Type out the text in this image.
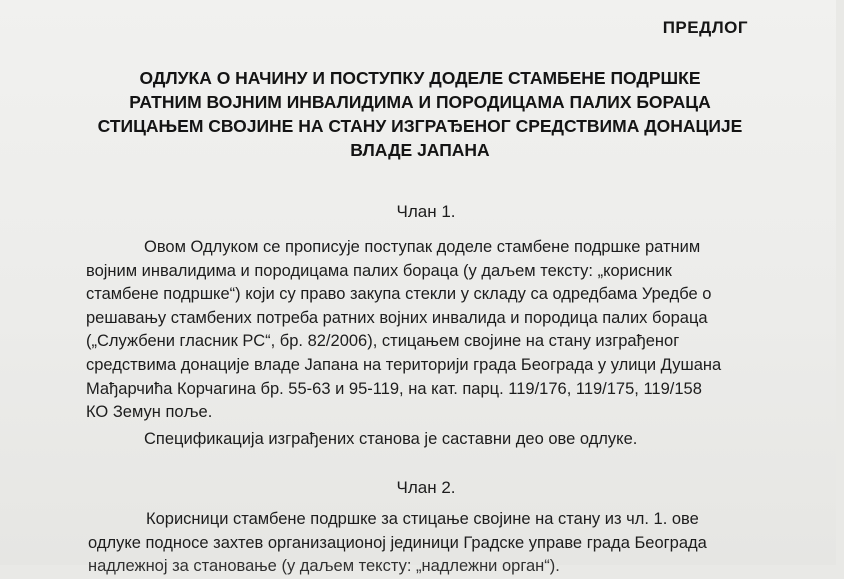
ПРЕДЛОГ
ОДЛУКА О НАЧИНУ И ПОСТУПКУ ДОДЕЛЕ СТАМБЕНЕ ПОДРШКЕ
РАТНИМ ВОЈНИМ ИНВАЛИДИМА И ПОРОДИЦАМА ПАЛИХ БОРАЦА
СТИЦАЊЕМ СВОЈИНЕ НА СТАНУ ИЗГРАЂЕНОГ СРЕДСТВИМА ДОНАЦИЈЕ
ВЛАДЕ ЈАПАНА
Члан 1.
Овом Одлуком се прописује поступак доделе стамбене подршке ратним
војним инвалидима и породицама палих бораца (у даљем тексту: „корисник
стамбене подршке“) који су право закупа стекли у складу са одредбама Уредбе о
решавању стамбених потреба ратних војних инвалида и породица палих бораца
(„Службени гласник РС“, бр. 82/2006), стицањем својине на стану изграђеног
средствима донације владе Јапана на територији града Београда у улици Душана
Мађарчића Корчагина бр. 55-63 и 95-119, на кат. парц. 119/176, 119/175, 119/158
КО Земун поље.
Спецификација изграђених станова је саставни део ове одлуке.
Члан 2.
Корисници стамбене подршке за стицање својине на стану из чл. 1. ове
одлуке подносе захтев организационој јединици Градске управе града Београда
надлежној за становање (у даљем тексту: „надлежни орган“).
